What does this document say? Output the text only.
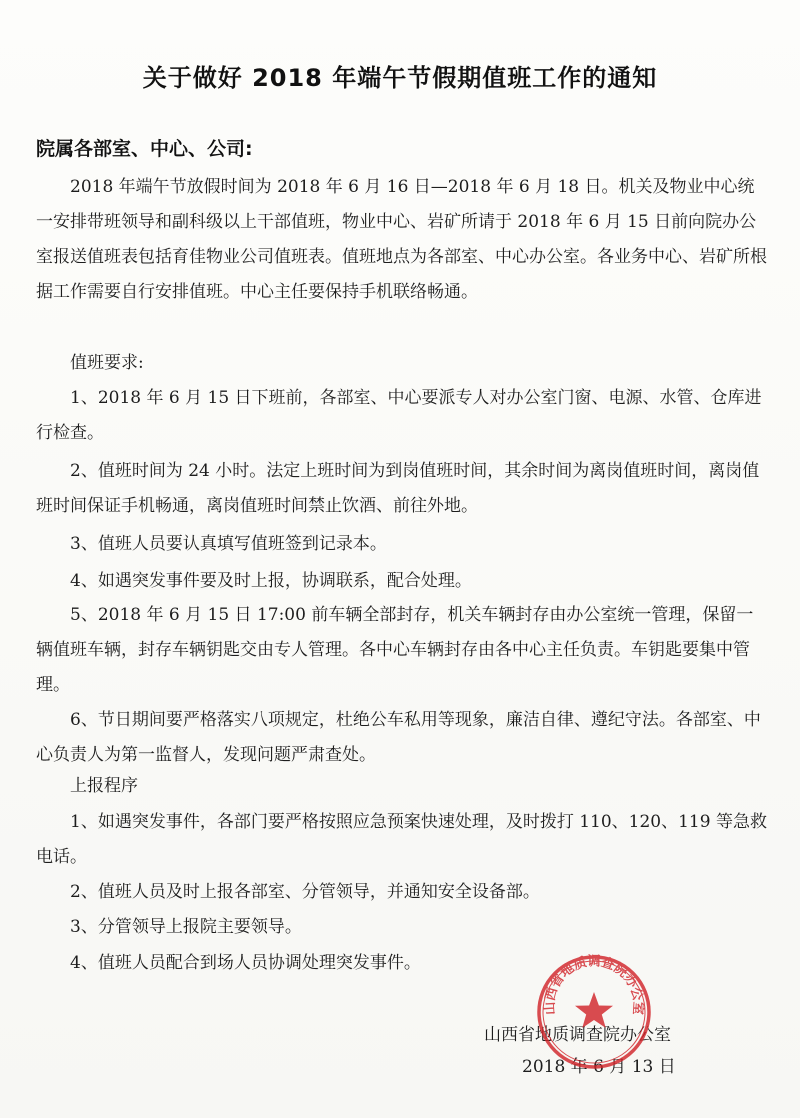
关于做好 2018 年端午节假期值班工作的通知
院属各部室、中心、公司:
2018 年端午节放假时间为 2018 年 6 月 16 日—2018 年 6 月 18 日。机关及物业中心统一安排带班领导和副科级以上干部值班，物业中心、岩矿所请于 2018 年 6 月 15 日前向院办公室报送值班表包括育佳物业公司值班表。值班地点为各部室、中心办公室。各业务中心、岩矿所根据工作需要自行安排值班。中心主任要保持手机联络畅通。
值班要求:
1、2018 年 6 月 15 日下班前，各部室、中心要派专人对办公室门窗、电源、水管、仓库进行检查。
2、值班时间为 24 小时。法定上班时间为到岗值班时间，其余时间为离岗值班时间，离岗值班时间保证手机畅通，离岗值班时间禁止饮酒、前往外地。
3、值班人员要认真填写值班签到记录本。
4、如遇突发事件要及时上报，协调联系，配合处理。
5、2018 年 6 月 15 日 17:00 前车辆全部封存，机关车辆封存由办公室统一管理，保留一辆值班车辆，封存车辆钥匙交由专人管理。各中心车辆封存由各中心主任负责。车钥匙要集中管理。
6、节日期间要严格落实八项规定，杜绝公车私用等现象，廉洁自律、遵纪守法。各部室、中心负责人为第一监督人，发现问题严肃查处。
上报程序
1、如遇突发事件，各部门要严格按照应急预案快速处理，及时拨打 110、120、119 等急救电话。
2、值班人员及时上报各部室、分管领导，并通知安全设备部。
3、分管领导上报院主要领导。
4、值班人员配合到场人员协调处理突发事件。
山西省地质调查院办公室
2018 年 6 月 13 日
山西省地质调查院办公室
